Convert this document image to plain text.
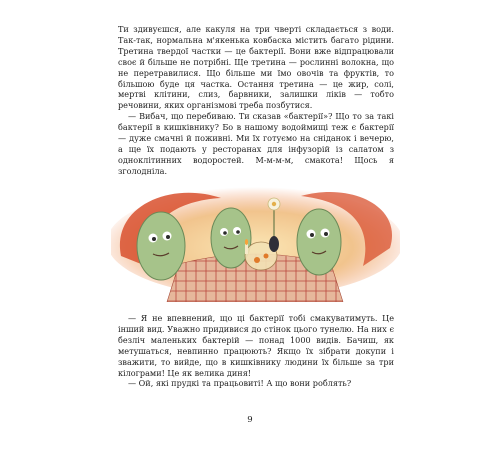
Ти здивуєшся, але какуля на три чверті складається з води. Так-так, нормальна м'якенька ковбаска містить багато рідини. Третина твердої частки — це бактерії. Вони вже відпрацювали своє й більше не потрібні. Ще третина — рослинні волокна, що не перетравилися. Що більше ми їмо овочів та фруктів, то більшою буде ця частка. Остання третина — це жир, солі, мертві клітини, слиз, барвники, залишки ліків — тобто речовини, яких організмові треба позбутися.

— Вибач, що перебиваю. Ти сказав «бактерії»? Що то за такі бактерії в кишківнику? Бо в нашому водоймищі теж є бактерії — дуже смачні й поживні. Ми їх готуємо на сніданок і вечерю, а ще їх подають у ресторанах для інфузорій із салатом з одноклітинних водоростей. М-м-м-м, смакота! Щось я зголодніла.

— Я не впевнений, що ці бактерії тобі смакуватимуть. Це інший вид. Уважно придивися до стінок цього тунелю. На них є безліч маленьких бактерій — понад 1000 видів. Бачиш, як метушаться, невпинно працюють? Якщо їх зібрати докупи і зважити, то вийде, що в кишківнику людини їх більше за три кілограми! Це як велика диня!

— Ой, які прудкі та працьовиті! А що вони роблять?

9
